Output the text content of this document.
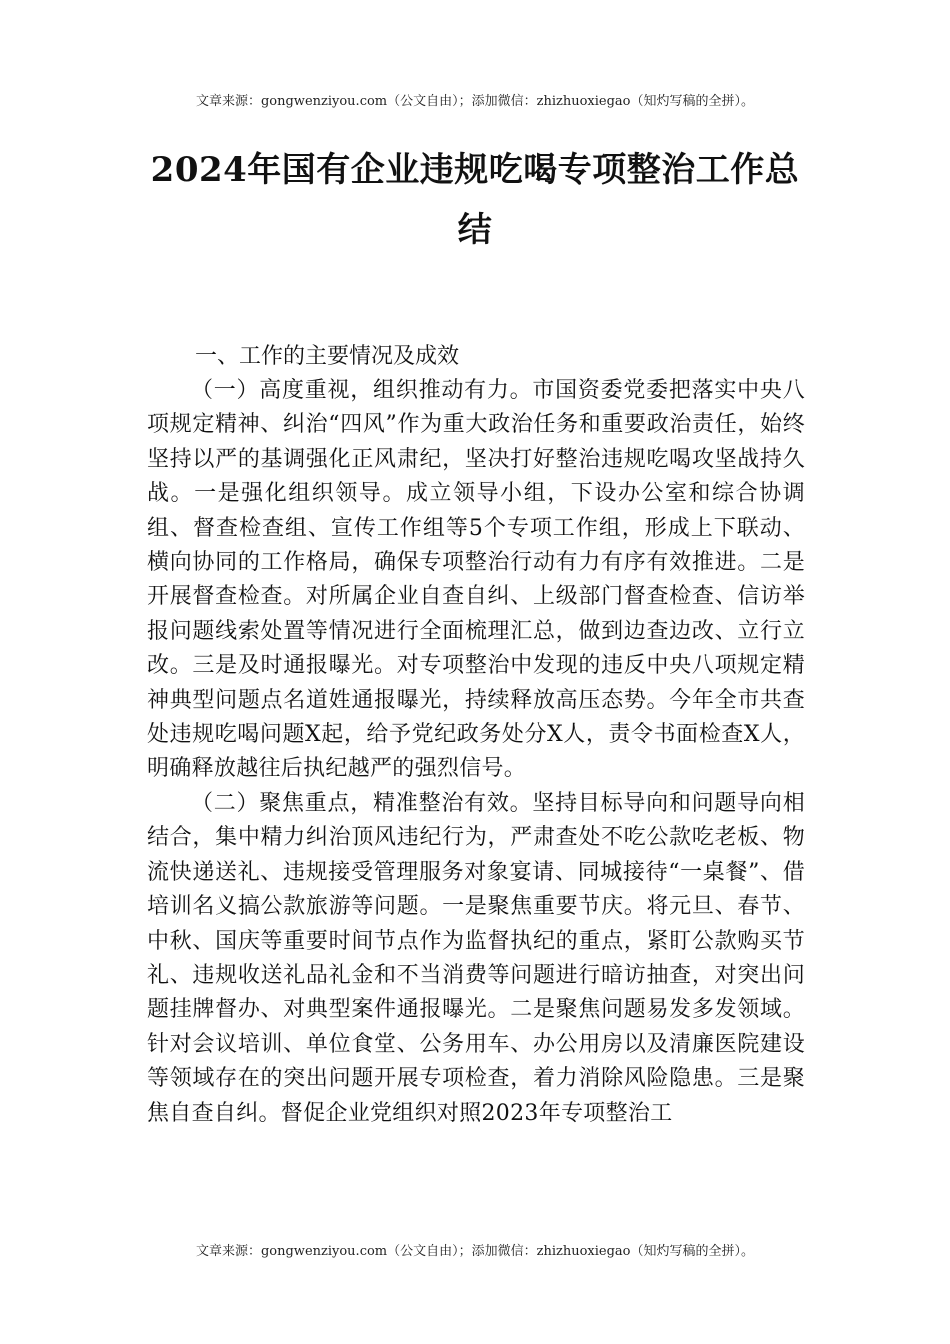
文章来源：gongwenziyou.com（公文自由）；添加微信：zhizhuoxiegao（知灼写稿的全拼）。
2024年国有企业违规吃喝专项整治工作总结
一、工作的主要情况及成效

（一）高度重视，组织推动有力。市国资委党委把落实中央八项规定精神、纠治“四风”作为重大政治任务和重要政治责任，始终坚持以严的基调强化正风肃纪，坚决打好整治违规吃喝攻坚战持久战。一是强化组织领导。成立领导小组，下设办公室和综合协调组、督查检查组、宣传工作组等5个专项工作组，形成上下联动、横向协同的工作格局，确保专项整治行动有力有序有效推进。二是开展督查检查。对所属企业自查自纠、上级部门督查检查、信访举报问题线索处置等情况进行全面梳理汇总，做到边查边改、立行立改。三是及时通报曝光。对专项整治中发现的违反中央八项规定精神典型问题点名道姓通报曝光，持续释放高压态势。今年全市共查处违规吃喝问题X起，给予党纪政务处分X人，责令书面检查X人，明确释放越往后执纪越严的强烈信号。

（二）聚焦重点，精准整治有效。坚持目标导向和问题导向相结合，集中精力纠治顶风违纪行为，严肃查处不吃公款吃老板、物流快递送礼、违规接受管理服务对象宴请、同城接待“一桌餐”、借培训名义搞公款旅游等问题。一是聚焦重要节庆。将元旦、春节、中秋、国庆等重要时间节点作为监督执纪的重点，紧盯公款购买节礼、违规收送礼品礼金和不当消费等问题进行暗访抽查，对突出问题挂牌督办、对典型案件通报曝光。二是聚焦问题易发多发领域。针对会议培训、单位食堂、公务用车、办公用房以及清廉医院建设等领域存在的突出问题开展专项检查，着力消除风险隐患。三是聚焦自查自纠。督促企业党组织对照2023年专项整治工

文章来源：gongwenziyou.com（公文自由）；添加微信：zhizhuoxiegao（知灼写稿的全拼）。
